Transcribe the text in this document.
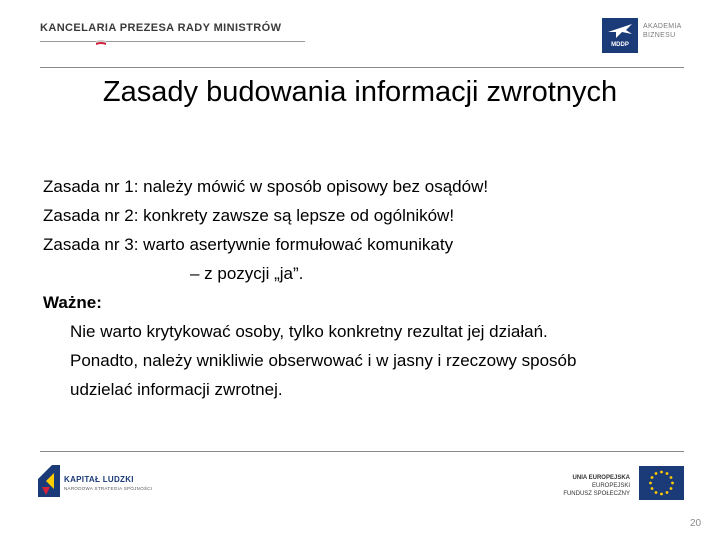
KANCELARIA PREZESA RADY MINISTRÓW
MDDP
AKADEMIA
BIZNESU
Zasady budowania informacji zwrotnych
Zasada nr 1: należy mówić w sposób opisowy bez osądów!
Zasada nr 2: konkrety zawsze są lepsze od ogólników!
Zasada nr 3: warto asertywnie formułować komunikaty
– z pozycji „ja”.
Ważne:
Nie warto krytykować osoby, tylko konkretny rezultat jej działań.
Ponadto, należy wnikliwie obserwować i w jasny i rzeczowy sposób
udzielać informacji zwrotnej.
KAPITAŁ LUDZKI
NARODOWA STRATEGIA SPÓJNOŚCI
UNIA EUROPEJSKA
EUROPEJSKI
FUNDUSZ SPOŁECZNY
20
